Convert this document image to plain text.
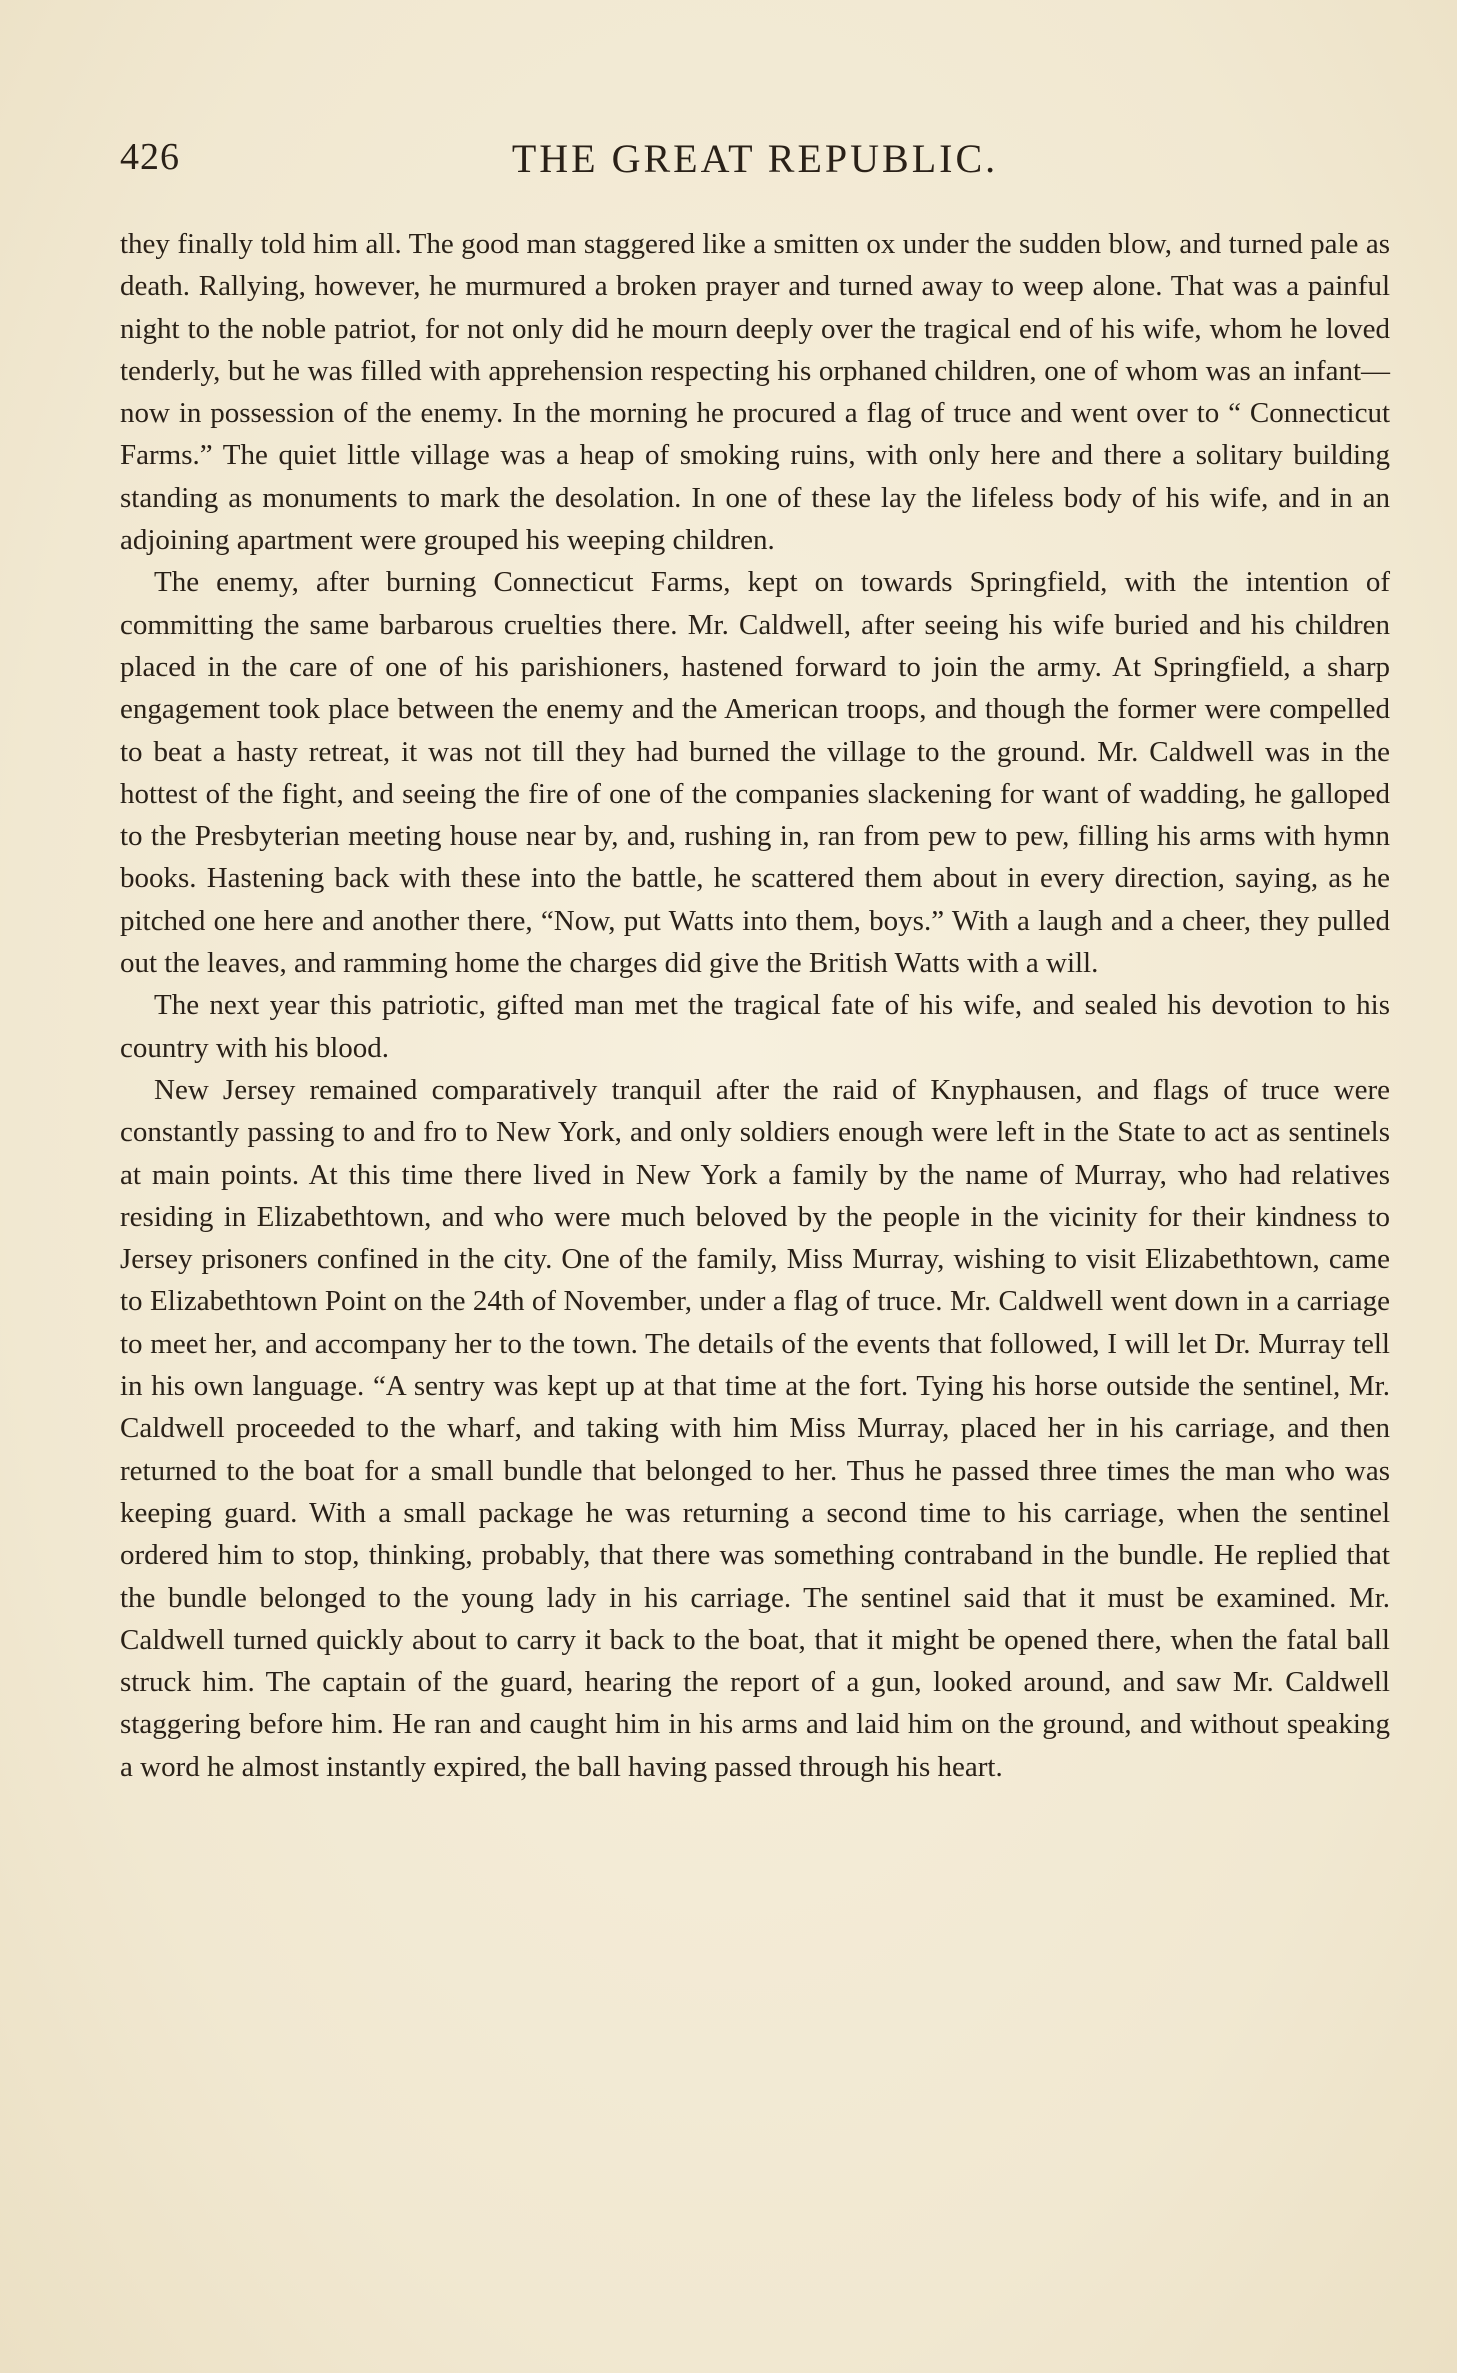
426	THE GREAT REPUBLIC.

they finally told him all. The good man staggered like a smitten ox under the sudden blow, and turned pale as death. Rallying, however, he murmured a broken prayer and turned away to weep alone. That was a painful night to the noble patriot, for not only did he mourn deeply over the tragical end of his wife, whom he loved tenderly, but he was filled with apprehension respecting his orphaned children, one of whom was an infant—now in possession of the enemy. In the morning he procured a flag of truce and went over to “ Connecticut Farms.” The quiet little village was a heap of smoking ruins, with only here and there a solitary building standing as monuments to mark the desolation. In one of these lay the lifeless body of his wife, and in an adjoining apartment were grouped his weeping children.

The enemy, after burning Connecticut Farms, kept on towards Springfield, with the intention of committing the same barbarous cruelties there. Mr. Caldwell, after seeing his wife buried and his children placed in the care of one of his parishioners, hastened forward to join the army. At Springfield, a sharp engagement took place between the enemy and the American troops, and though the former were compelled to beat a hasty retreat, it was not till they had burned the village to the ground. Mr. Caldwell was in the hottest of the fight, and seeing the fire of one of the companies slackening for want of wadding, he galloped to the Presbyterian meeting house near by, and, rushing in, ran from pew to pew, filling his arms with hymn books. Hastening back with these into the battle, he scattered them about in every direction, saying, as he pitched one here and another there, “Now, put Watts into them, boys.” With a laugh and a cheer, they pulled out the leaves, and ramming home the charges did give the British Watts with a will.

The next year this patriotic, gifted man met the tragical fate of his wife, and sealed his devotion to his country with his blood.

New Jersey remained comparatively tranquil after the raid of Knyphausen, and flags of truce were constantly passing to and fro to New York, and only soldiers enough were left in the State to act as sentinels at main points. At this time there lived in New York a family by the name of Murray, who had relatives residing in Elizabethtown, and who were much beloved by the people in the vicinity for their kindness to Jersey prisoners confined in the city. One of the family, Miss Murray, wishing to visit Elizabethtown, came to Elizabethtown Point on the 24th of November, under a flag of truce. Mr. Caldwell went down in a carriage to meet her, and accompany her to the town. The details of the events that followed, I will let Dr. Murray tell in his own language. “A sentry was kept up at that time at the fort. Tying his horse outside the sentinel, Mr. Caldwell proceeded to the wharf, and taking with him Miss Murray, placed her in his carriage, and then returned to the boat for a small bundle that belonged to her. Thus he passed three times the man who was keeping guard. With a small package he was returning a second time to his carriage, when the sentinel ordered him to stop, thinking, probably, that there was something contraband in the bundle. He replied that the bundle belonged to the young lady in his carriage. The sentinel said that it must be examined. Mr. Caldwell turned quickly about to carry it back to the boat, that it might be opened there, when the fatal ball struck him. The captain of the guard, hearing the report of a gun, looked around, and saw Mr. Caldwell staggering before him. He ran and caught him in his arms and laid him on the ground, and without speaking a word he almost instantly expired, the ball having passed through his heart.
